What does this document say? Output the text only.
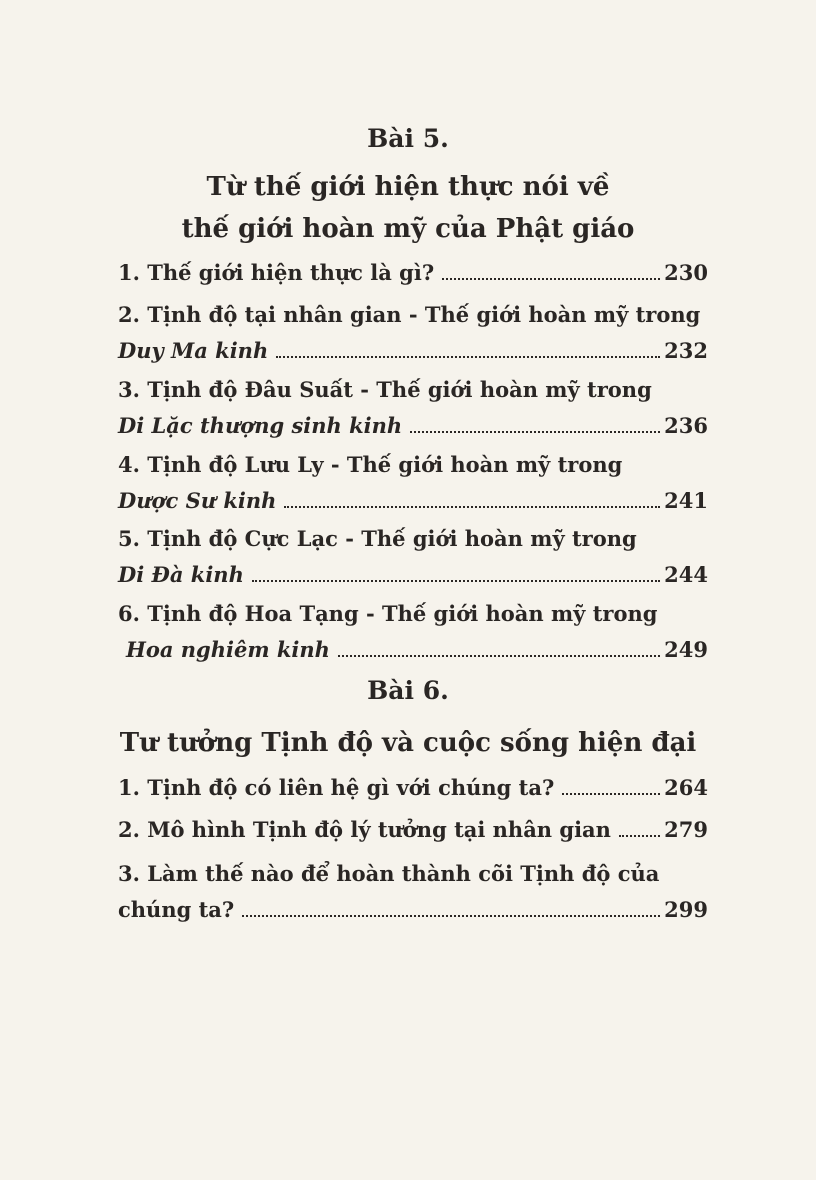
Bài 5.
Từ thế giới hiện thực nói về
thế giới hoàn mỹ của Phật giáo
1. Thế giới hiện thực là gì?	230
2. Tịnh độ tại nhân gian - Thế giới hoàn mỹ trong
Duy Ma kinh	232
3. Tịnh độ Đâu Suất - Thế giới hoàn mỹ trong
Di Lặc thượng sinh kinh	236
4. Tịnh độ Lưu Ly - Thế giới hoàn mỹ trong
Dược Sư kinh	241
5. Tịnh độ Cực Lạc - Thế giới hoàn mỹ trong
Di Đà kinh	244
6. Tịnh độ Hoa Tạng - Thế giới hoàn mỹ trong
Hoa nghiêm kinh	249
Bài 6.
Tư tưởng Tịnh độ và cuộc sống hiện đại
1. Tịnh độ có liên hệ gì với chúng ta?	264
2. Mô hình Tịnh độ lý tưởng tại nhân gian	279
3. Làm thế nào để hoàn thành cõi Tịnh độ của
chúng ta?	299
